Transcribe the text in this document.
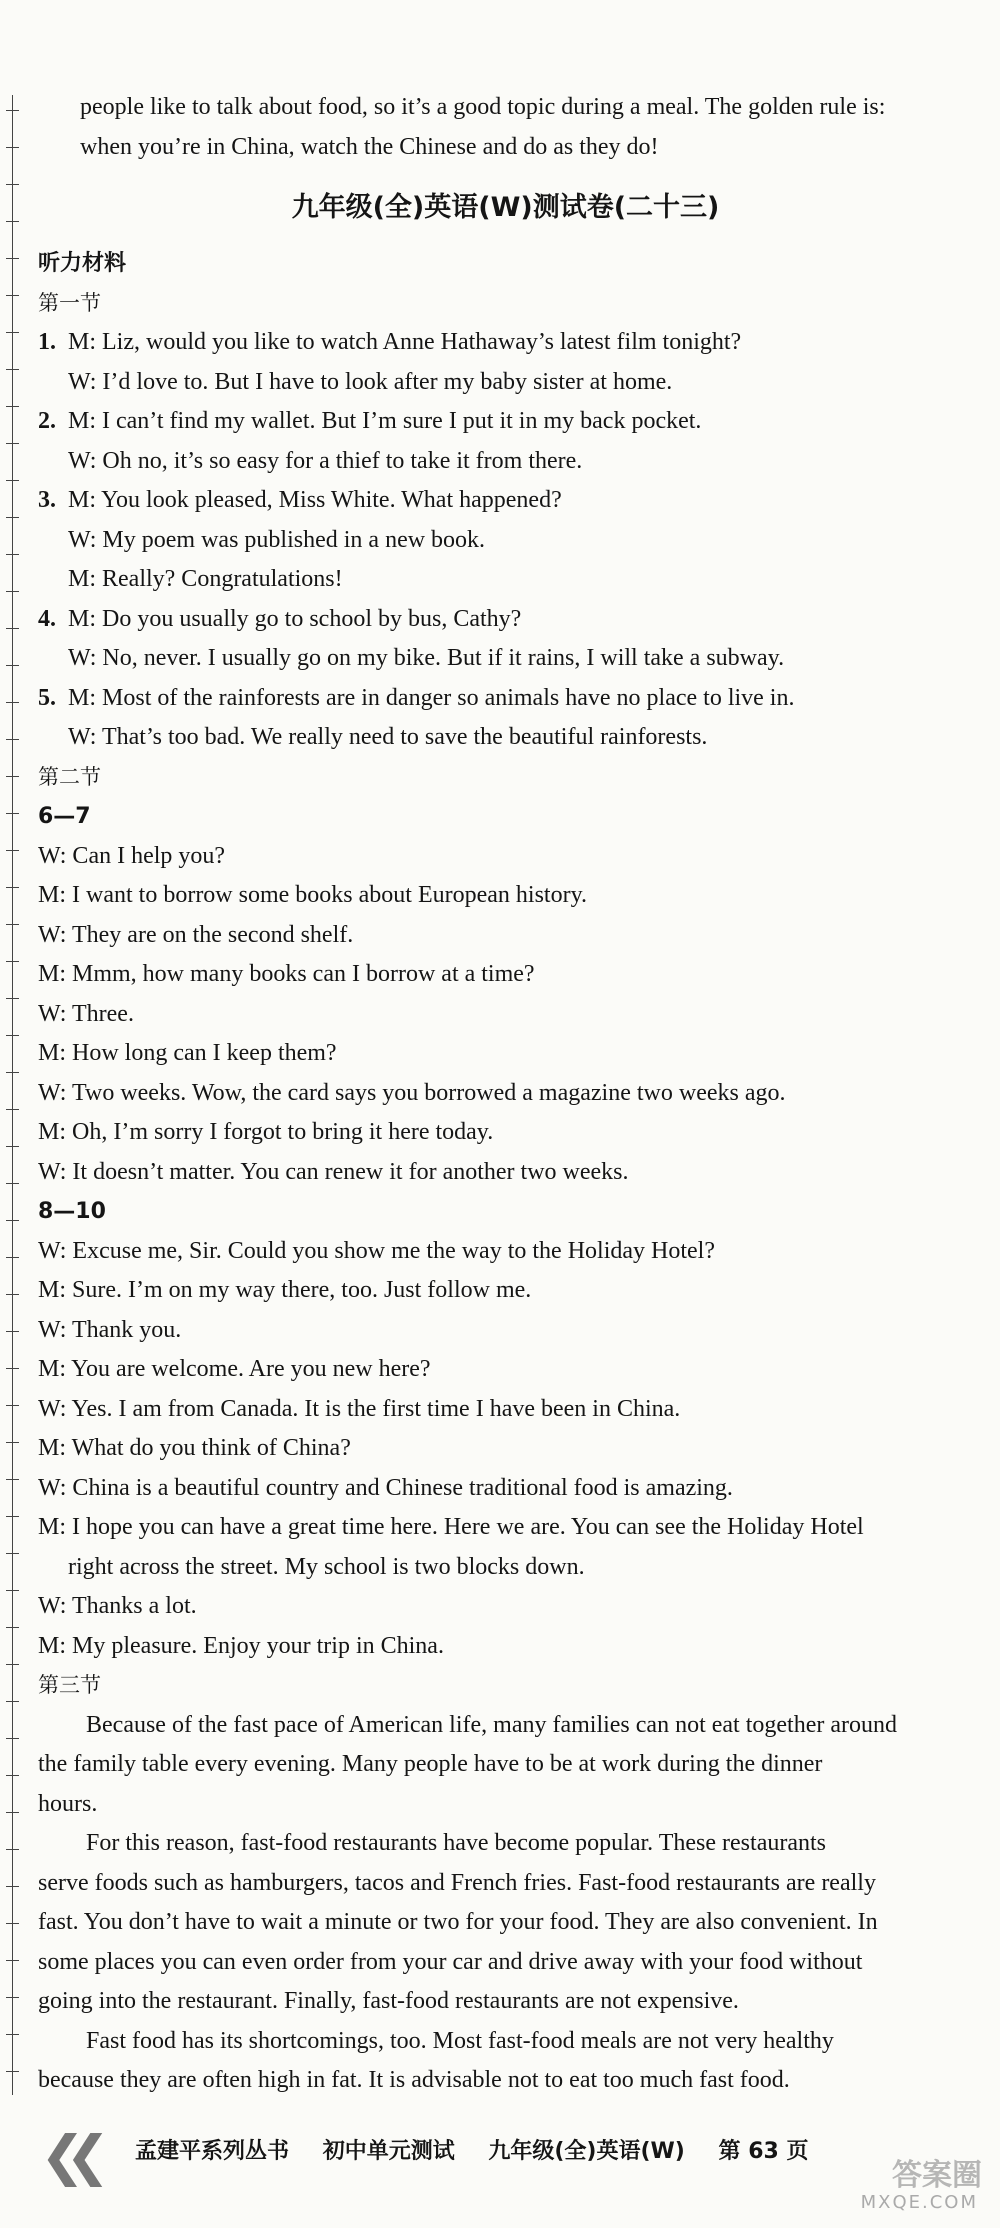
people like to talk about food, so it’s a good topic during a meal. The golden rule is:
when you’re in China, watch the Chinese and do as they do!
九年级(全)英语(W)测试卷(二十三)
听力材料
第一节
1. M: Liz, would you like to watch Anne Hathaway’s latest film tonight?
W: I’d love to. But I have to look after my baby sister at home.
2. M: I can’t find my wallet. But I’m sure I put it in my back pocket.
W: Oh no, it’s so easy for a thief to take it from there.
3. M: You look pleased, Miss White. What happened?
W: My poem was published in a new book.
M: Really? Congratulations!
4. M: Do you usually go to school by bus, Cathy?
W: No, never. I usually go on my bike. But if it rains, I will take a subway.
5. M: Most of the rainforests are in danger so animals have no place to live in.
W: That’s too bad. We really need to save the beautiful rainforests.
第二节
6—7
W: Can I help you?
M: I want to borrow some books about European history.
W: They are on the second shelf.
M: Mmm, how many books can I borrow at a time?
W: Three.
M: How long can I keep them?
W: Two weeks. Wow, the card says you borrowed a magazine two weeks ago.
M: Oh, I’m sorry I forgot to bring it here today.
W: It doesn’t matter. You can renew it for another two weeks.
8—10
W: Excuse me, Sir. Could you show me the way to the Holiday Hotel?
M: Sure. I’m on my way there, too. Just follow me.
W: Thank you.
M: You are welcome. Are you new here?
W: Yes. I am from Canada. It is the first time I have been in China.
M: What do you think of China?
W: China is a beautiful country and Chinese traditional food is amazing.
M: I hope you can have a great time here. Here we are. You can see the Holiday Hotel
right across the street. My school is two blocks down.
W: Thanks a lot.
M: My pleasure. Enjoy your trip in China.
第三节
Because of the fast pace of American life, many families can not eat together around
the family table every evening. Many people have to be at work during the dinner
hours.
For this reason, fast-food restaurants have become popular. These restaurants
serve foods such as hamburgers, tacos and French fries. Fast-food restaurants are really
fast. You don’t have to wait a minute or two for your food. They are also convenient. In
some places you can even order from your car and drive away with your food without
going into the restaurant. Finally, fast-food restaurants are not expensive.
Fast food has its shortcomings, too. Most fast-food meals are not very healthy
because they are often high in fat. It is advisable not to eat too much fast food.
❮❮ 孟建平系列丛书 初中单元测试 九年级(全)英语(W) 第 63 页
答案圈
MXQE.COM
